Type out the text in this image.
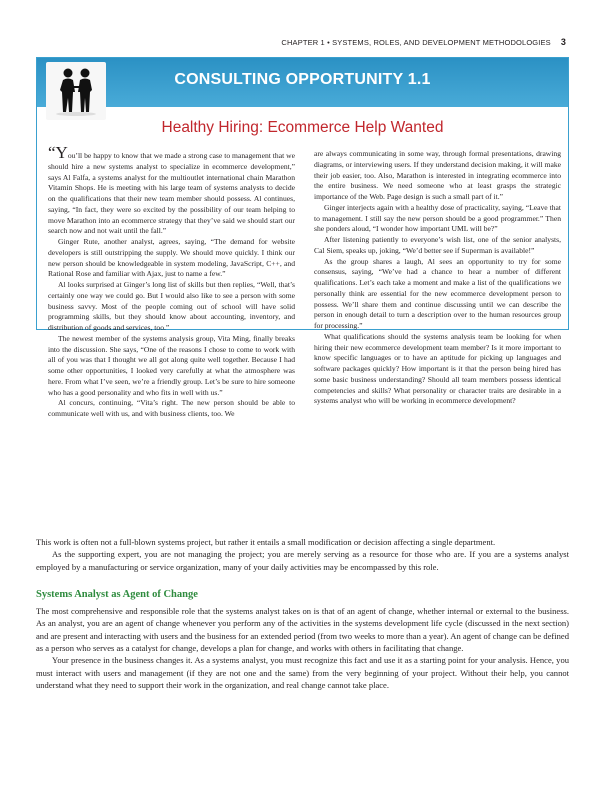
CHAPTER 1 • SYSTEMS, ROLES, AND DEVELOPMENT METHODOLOGIES 3
CONSULTING OPPORTUNITY 1.1
Healthy Hiring: Ecommerce Help Wanted

“You’ll be happy to know that we made a strong case to management that we should hire a new systems analyst to specialize in ecommerce development,” says Al Falfa, a systems analyst for the multioutlet international chain Marathon Vitamin Shops. He is meeting with his large team of systems analysts to decide on the qualifications that their new team member should possess. Al continues, saying, “In fact, they were so excited by the possibility of our team helping to move Marathon into an ecommerce strategy that they’ve said we should start our search now and not wait until the fall.”

Ginger Rute, another analyst, agrees, saying, “The demand for website developers is still outstripping the supply. We should move quickly. I think our new person should be knowledgeable in system modeling, JavaScript, C++, and Rational Rose and familiar with Ajax, just to name a few.”

Al looks surprised at Ginger’s long list of skills but then replies, “Well, that’s certainly one way we could go. But I would also like to see a person with some business savvy. Most of the people coming out of school will have solid programming skills, but they should know about accounting, inventory, and distribution of goods and services, too.”

The newest member of the systems analysis group, Vita Ming, finally breaks into the discussion. She says, “One of the reasons I chose to come to work with all of you was that I thought we all got along quite well together. Because I had some other opportunities, I looked very carefully at what the atmosphere was here. From what I’ve seen, we’re a friendly group. Let’s be sure to hire someone who has a good personality and who fits in well with us.”

Al concurs, continuing, “Vita’s right. The new person should be able to communicate well with us, and with business clients, too. We

are always communicating in some way, through formal presentations, drawing diagrams, or interviewing users. If they understand decision making, it will make their job easier, too. Also, Marathon is interested in integrating ecommerce into the entire business. We need someone who at least grasps the strategic importance of the Web. Page design is such a small part of it.”

Ginger interjects again with a healthy dose of practicality, saying, “Leave that to management. I still say the new person should be a good programmer.” Then she ponders aloud, “I wonder how important UML will be?”

After listening patiently to everyone’s wish list, one of the senior analysts, Cal Siem, speaks up, joking, “We’d better see if Superman is available!”

As the group shares a laugh, Al sees an opportunity to try for some consensus, saying, “We’ve had a chance to hear a number of different qualifications. Let’s each take a moment and make a list of the qualifications we personally think are essential for the new ecommerce development person to possess. We’ll share them and continue discussing until we can describe the person in enough detail to turn a description over to the human resources group for processing.”

What qualifications should the systems analysis team be looking for when hiring their new ecommerce development team member? Is it more important to know specific languages or to have an aptitude for picking up languages and software packages quickly? How important is it that the person being hired has some basic business understanding? Should all team members possess identical competencies and skills? What personality or character traits are desirable in a systems analyst who will be working in ecommerce development?

This work is often not a full-blown systems project, but rather it entails a small modification or decision affecting a single department.

As the supporting expert, you are not managing the project; you are merely serving as a resource for those who are. If you are a systems analyst employed by a manufacturing or service organization, many of your daily activities may be encompassed by this role.

Systems Analyst as Agent of Change

The most comprehensive and responsible role that the systems analyst takes on is that of an agent of change, whether internal or external to the business. As an analyst, you are an agent of change whenever you perform any of the activities in the systems development life cycle (discussed in the next section) and are present and interacting with users and the business for an extended period (from two weeks to more than a year). An agent of change can be defined as a person who serves as a catalyst for change, develops a plan for change, and works with others in facilitating that change.

Your presence in the business changes it. As a systems analyst, you must recognize this fact and use it as a starting point for your analysis. Hence, you must interact with users and management (if they are not one and the same) from the very beginning of your project. Without their help, you cannot understand what they need to support their work in the organization, and real change cannot take place.
